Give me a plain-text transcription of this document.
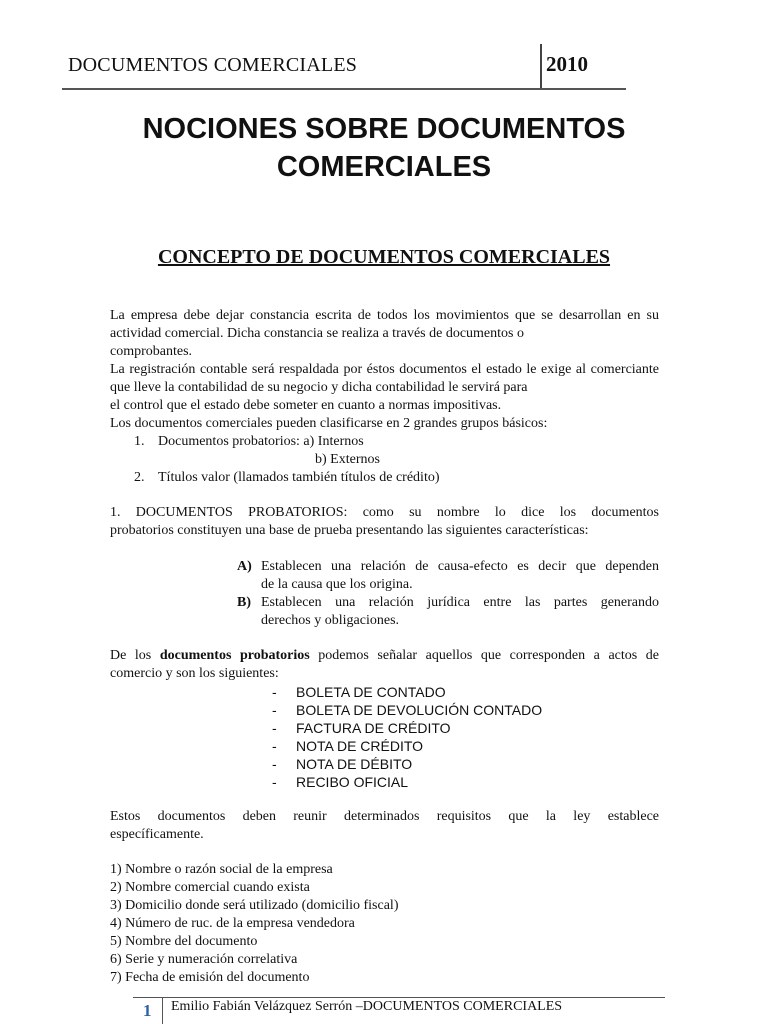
DOCUMENTOS COMERCIALES	2010
NOCIONES SOBRE DOCUMENTOS
COMERCIALES
CONCEPTO DE DOCUMENTOS COMERCIALES

La empresa debe dejar constancia escrita de todos los movimientos que se desarrollan en su actividad comercial. Dicha constancia se realiza a través de documentos o

comprobantes.

La registración contable será respaldada por éstos documentos el estado le exige al comerciante que lleve la contabilidad de su negocio y dicha contabilidad le servirá para

el control que el estado debe someter en cuanto a normas impositivas.
Los documentos comerciales pueden clasificarse en 2 grandes grupos básicos:
1. Documentos probatorios: a) Internos
b) Externos
2. Títulos valor (llamados también títulos de crédito)
1. DOCUMENTOS PROBATORIOS: como su nombre lo dice los documentos
probatorios constituyen una base de prueba presentando las siguientes características:
A) Establecen una relación de causa-efecto es decir que dependen
de la causa que los origina.
B) Establecen una relación jurídica entre las partes generando
derechos y obligaciones.
De los documentos probatorios podemos señalar aquellos que corresponden a actos de
comercio y son los siguientes:
- BOLETA DE CONTADO
- BOLETA DE DEVOLUCIÓN CONTADO
- FACTURA DE CRÉDITO
- NOTA DE CRÉDITO
- NOTA DE DÉBITO
- RECIBO OFICIAL
Estos documentos deben reunir determinados requisitos que la ley establece
específicamente.
1) Nombre o razón social de la empresa
2) Nombre comercial cuando exista
3) Domicilio donde será utilizado (domicilio fiscal)
4) Número de ruc. de la empresa vendedora
5) Nombre del documento
6) Serie y numeración correlativa
7) Fecha de emisión del documento
1 Emilio Fabián Velázquez Serrón –DOCUMENTOS COMERCIALES
